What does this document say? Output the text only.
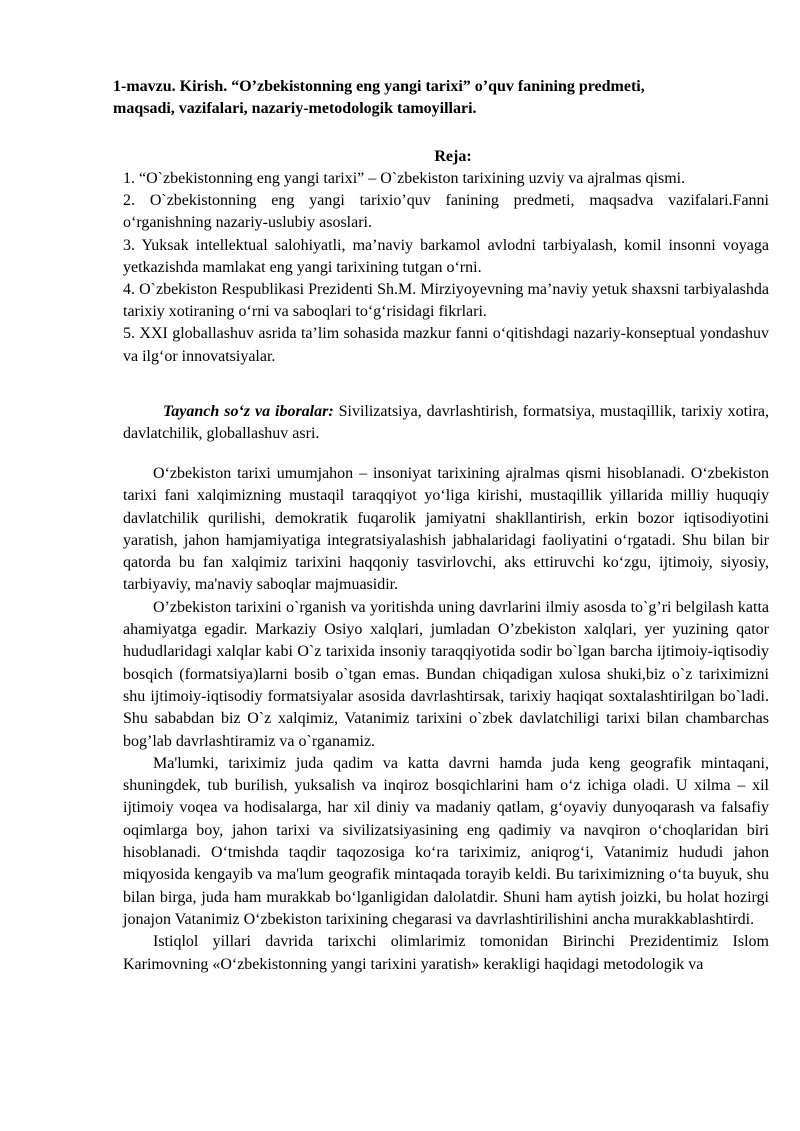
1-mavzu. Kirish. “O’zbekistonning eng yangi tarixi” o’quv fanining predmeti,
maqsadi, vazifalari, nazariy-metodologik tamoyillari.
Reja:

1. “O`zbekistonning eng yangi tarixi” – O`zbekiston tarixining uzviy va ajralmas qismi.

2. O`zbekistonning eng yangi tarixio’quv fanining predmeti, maqsadva vazifalari.Fanni o‘rganishning nazariy-uslubiy asoslari.

3. Yuksak intellektual salohiyatli, ma’naviy barkamol avlodni tarbiyalash, komil insonni voyaga yetkazishda mamlakat eng yangi tarixining tutgan o‘rni.

4. O`zbekiston Respublikasi Prezidenti Sh.M. Mirziyoyevning ma’naviy yetuk shaxsni tarbiyalashda tarixiy xotiraning o‘rni va saboqlari to‘g‘risidagi fikrlari.

5. XXI globallashuv asrida ta’lim sohasida mazkur fanni o‘qitishdagi nazariy-konseptual yondashuv va ilg‘or innovatsiyalar.

Tayanch so‘z va iboralar: Sivilizatsiya, davrlashtirish, formatsiya, mustaqillik, tarixiy xotira, davlatchilik, globallashuv asri.

O‘zbekiston tarixi umumjahon – insoniyat tarixining ajralmas qismi hisoblanadi. O‘zbekiston tarixi fani xalqimizning mustaqil taraqqiyot yo‘liga kirishi, mustaqillik yillarida milliy huquqiy davlatchilik qurilishi, demokratik fuqarolik jamiyatni shakllantirish, erkin bozor iqtisodiyotini yaratish, jahon hamjamiyatiga integratsiyalashish jabhalaridagi faoliyatini o‘rgatadi. Shu bilan bir qatorda bu fan xalqimiz tarixini haqqoniy tasvirlovchi, aks ettiruvchi ko‘zgu, ijtimoiy, siyosiy, tarbiyaviy, ma'naviy saboqlar majmuasidir.

O’zbekiston tarixini o`rganish va yoritishda uning davrlarini ilmiy asosda to`g’ri belgilash katta ahamiyatga egadir. Markaziy Osiyo xalqlari, jumladan O’zbekiston xalqlari, yer yuzining qator hududlaridagi xalqlar kabi O`z tarixida insoniy taraqqiyotida sodir bo`lgan barcha ijtimoiy-iqtisodiy bosqich (formatsiya)larni bosib o`tgan emas. Bundan chiqadigan xulosa shuki,biz o`z tariximizni shu ijtimoiy-iqtisodiy formatsiyalar asosida davrlashtirsak, tarixiy haqiqat soxtalashtirilgan bo`ladi. Shu sababdan biz O`z xalqimiz, Vatanimiz tarixini o`zbek davlatchiligi tarixi bilan chambarchas bog’lab davrlashtiramiz va o`rganamiz.

Ma'lumki, tariximiz juda qadim va katta davrni hamda juda keng geografik mintaqani, shuningdek, tub burilish, yuksalish va inqiroz bosqichlarini ham o‘z ichiga oladi. U xilma – xil ijtimoiy voqea va hodisalarga, har xil diniy va madaniy qatlam, g‘oyaviy dunyoqarash va falsafiy oqimlarga boy, jahon tarixi va sivilizatsiyasining eng qadimiy va navqiron o‘choqlaridan biri hisoblanadi. O‘tmishda taqdir taqozosiga ko‘ra tariximiz, aniqrog‘i, Vatanimiz hududi jahon miqyosida kengayib va ma'lum geografik mintaqada torayib keldi. Bu tariximizning o‘ta buyuk, shu bilan birga, juda ham murakkab bo‘lganligidan dalolatdir. Shuni ham aytish joizki, bu holat hozirgi jonajon Vatanimiz O‘zbekiston tarixining chegarasi va davrlashtirilishini ancha murakkablashtirdi.

Istiqlol yillari davrida tarixchi olimlarimiz tomonidan Birinchi Prezidentimiz Islom Karimovning «O‘zbekistonning yangi tarixini yaratish» kerakligi haqidagi metodologik va
